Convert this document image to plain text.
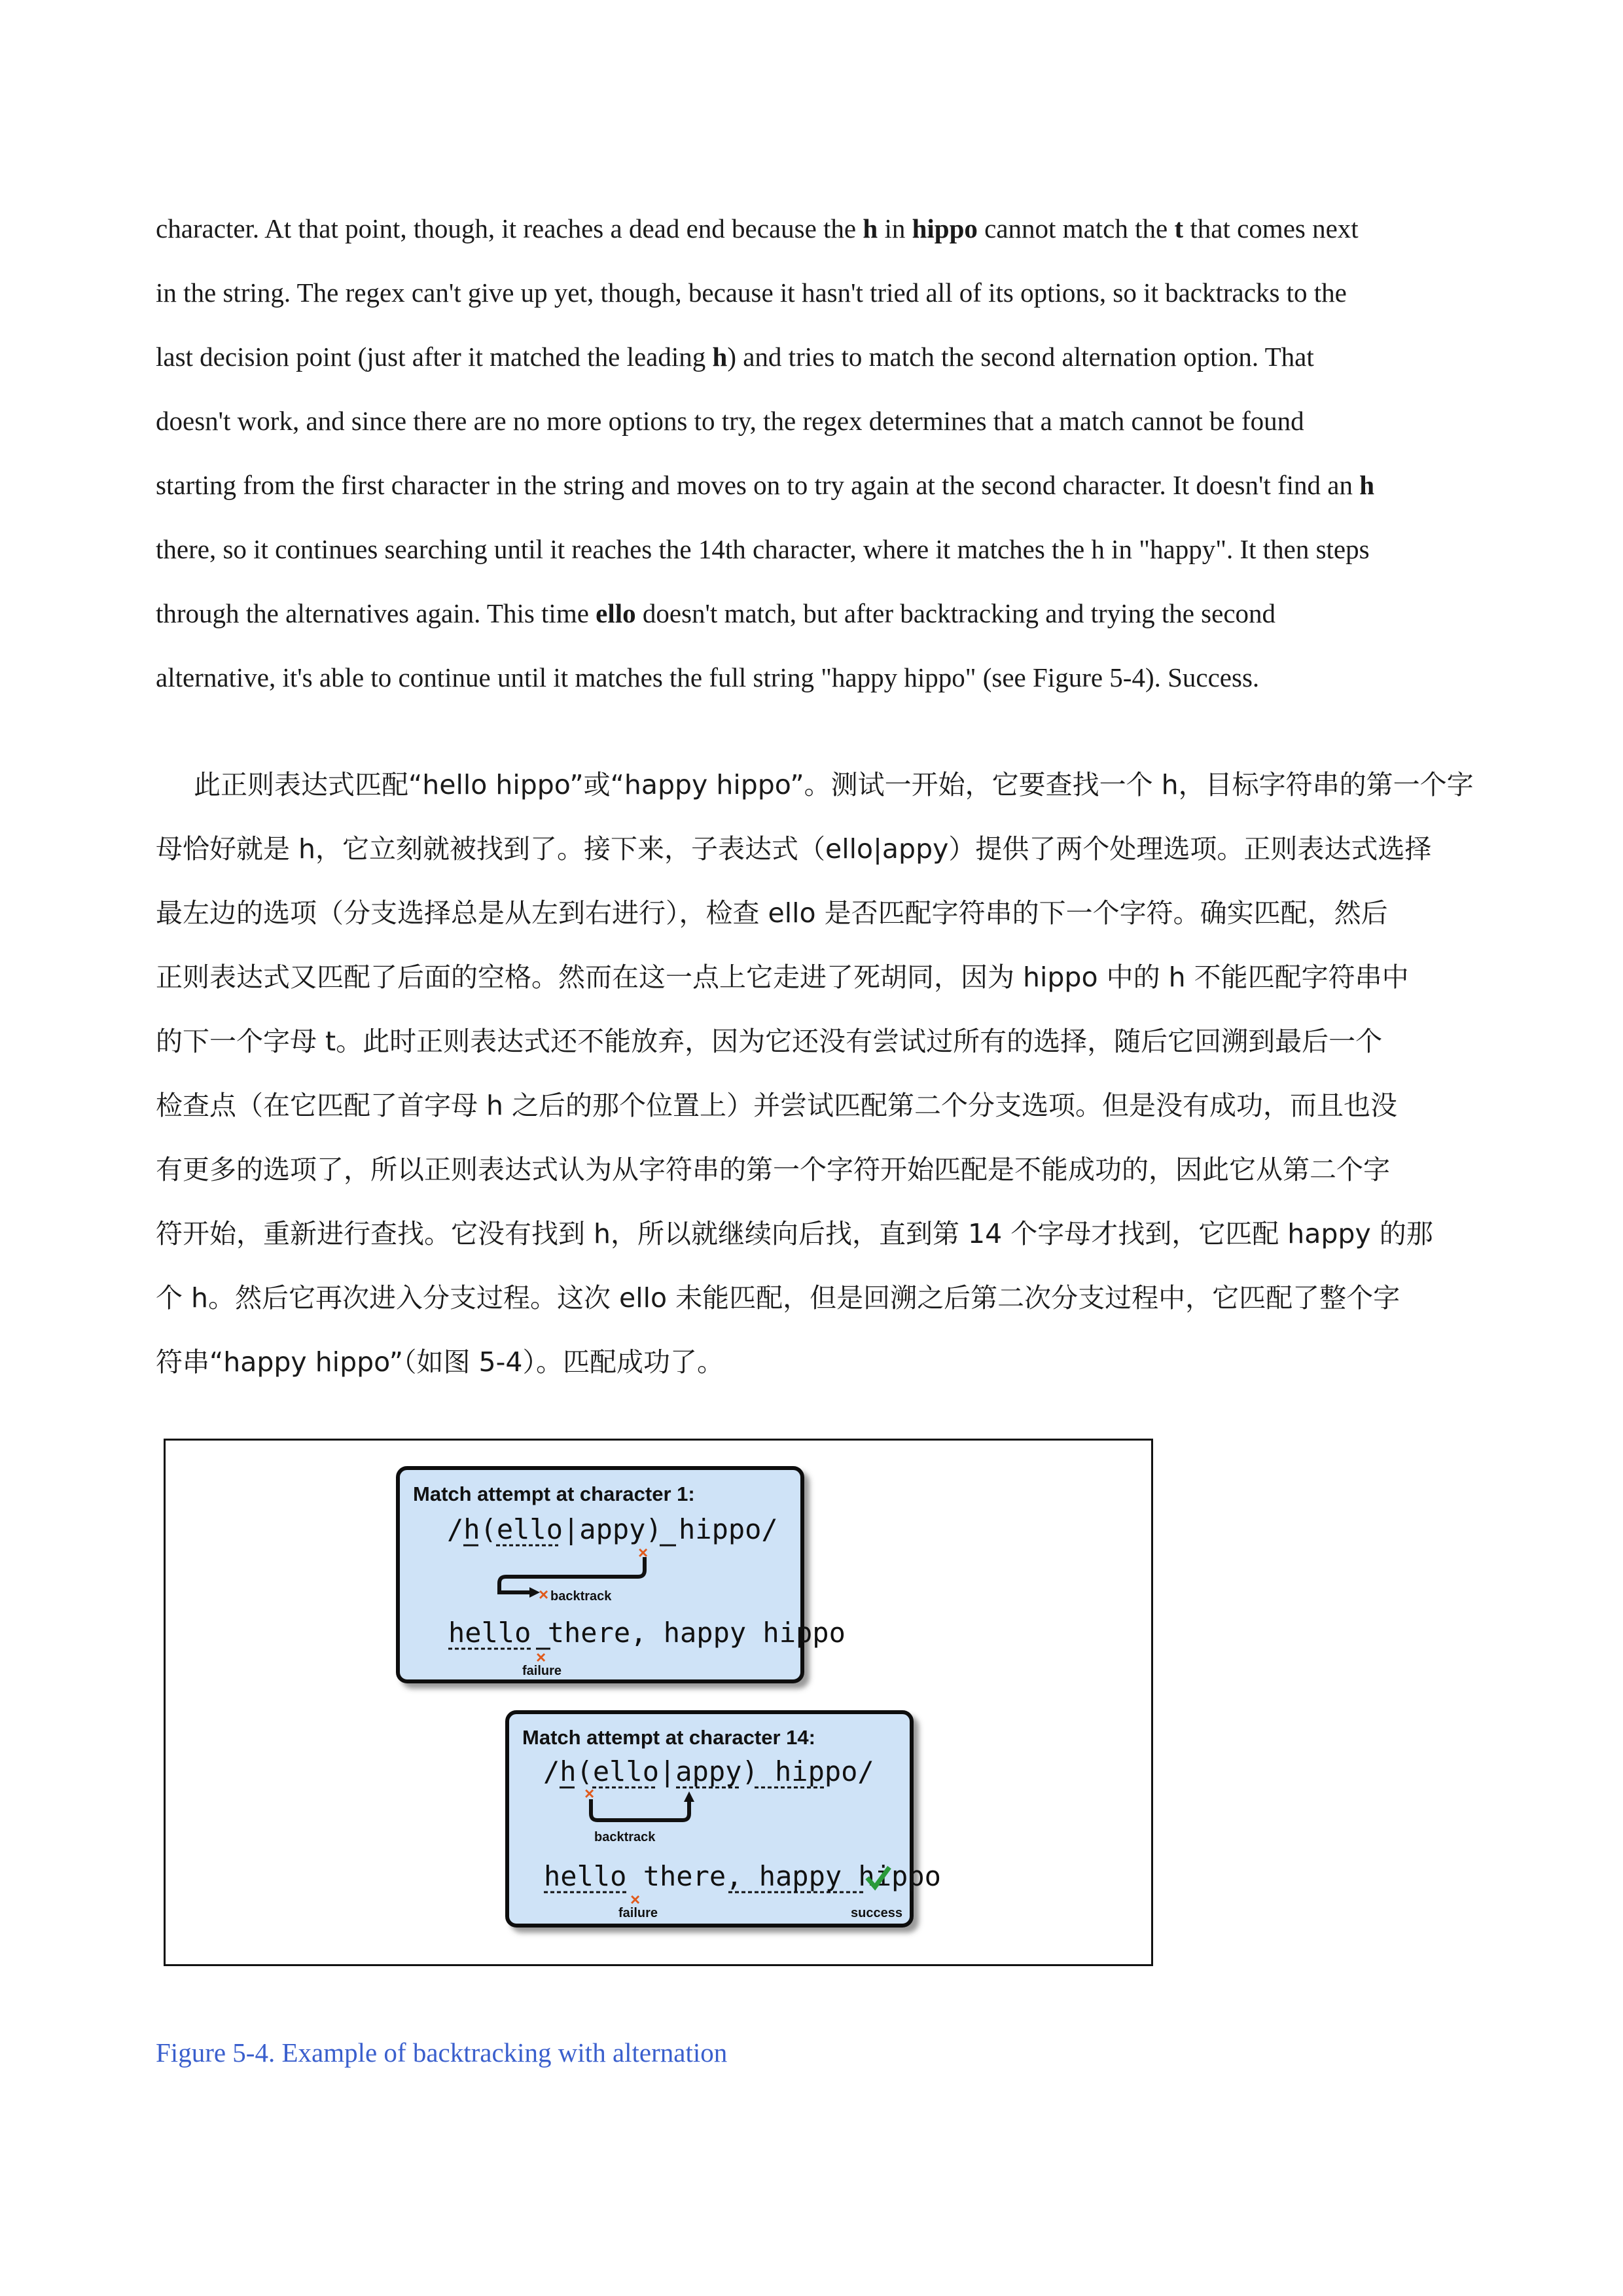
character. At that point, though, it reaches a dead end because the h in hippo cannot match the t that comes next
in the string. The regex can't give up yet, though, because it hasn't tried all of its options, so it backtracks to the
last decision point (just after it matched the leading h) and tries to match the second alternation option. That
doesn't work, and since there are no more options to try, the regex determines that a match cannot be found
starting from the first character in the string and moves on to try again at the second character. It doesn't find an h
there, so it continues searching until it reaches the 14th character, where it matches the h in "happy". It then steps
through the alternatives again. This time ello doesn't match, but after backtracking and trying the second
alternative, it's able to continue until it matches the full string "happy hippo" (see Figure 5-4). Success.

此正则表达式匹配“hello hippo”或“happy hippo”。测试一开始，它要查找一个 h，目标字符串的第一个字
母恰好就是 h，它立刻就被找到了。接下来，子表达式（ello|appy）提供了两个处理选项。正则表达式选择
最左边的选项（分支选择总是从左到右进行），检查 ello 是否匹配字符串的下一个字符。确实匹配，然后
正则表达式又匹配了后面的空格。然而在这一点上它走进了死胡同，因为 hippo 中的 h 不能匹配字符串中
的下一个字母 t。此时正则表达式还不能放弃，因为它还没有尝试过所有的选择，随后它回溯到最后一个
检查点（在它匹配了首字母 h 之后的那个位置上）并尝试匹配第二个分支选项。但是没有成功，而且也没
有更多的选项了，所以正则表达式认为从字符串的第一个字符开始匹配是不能成功的，因此它从第二个字
符开始，重新进行查找。它没有找到 h，所以就继续向后找，直到第 14 个字母才找到，它匹配 happy 的那
个 h。然后它再次进入分支过程。这次 ello 未能匹配，但是回溯之后第二次分支过程中，它匹配了整个字
符串“happy hippo”（如图 5-4）。匹配成功了。

Match attempt at character 1:
/h(ello|appy) hippo/
×
× backtrack
hello there, happy hippo
×
failure
Match attempt at character 14:
/h(ello|appy) hippo/
×
backtrack
hello there, happy hippo
×
failure	success
Figure 5-4. Example of backtracking with alternation
